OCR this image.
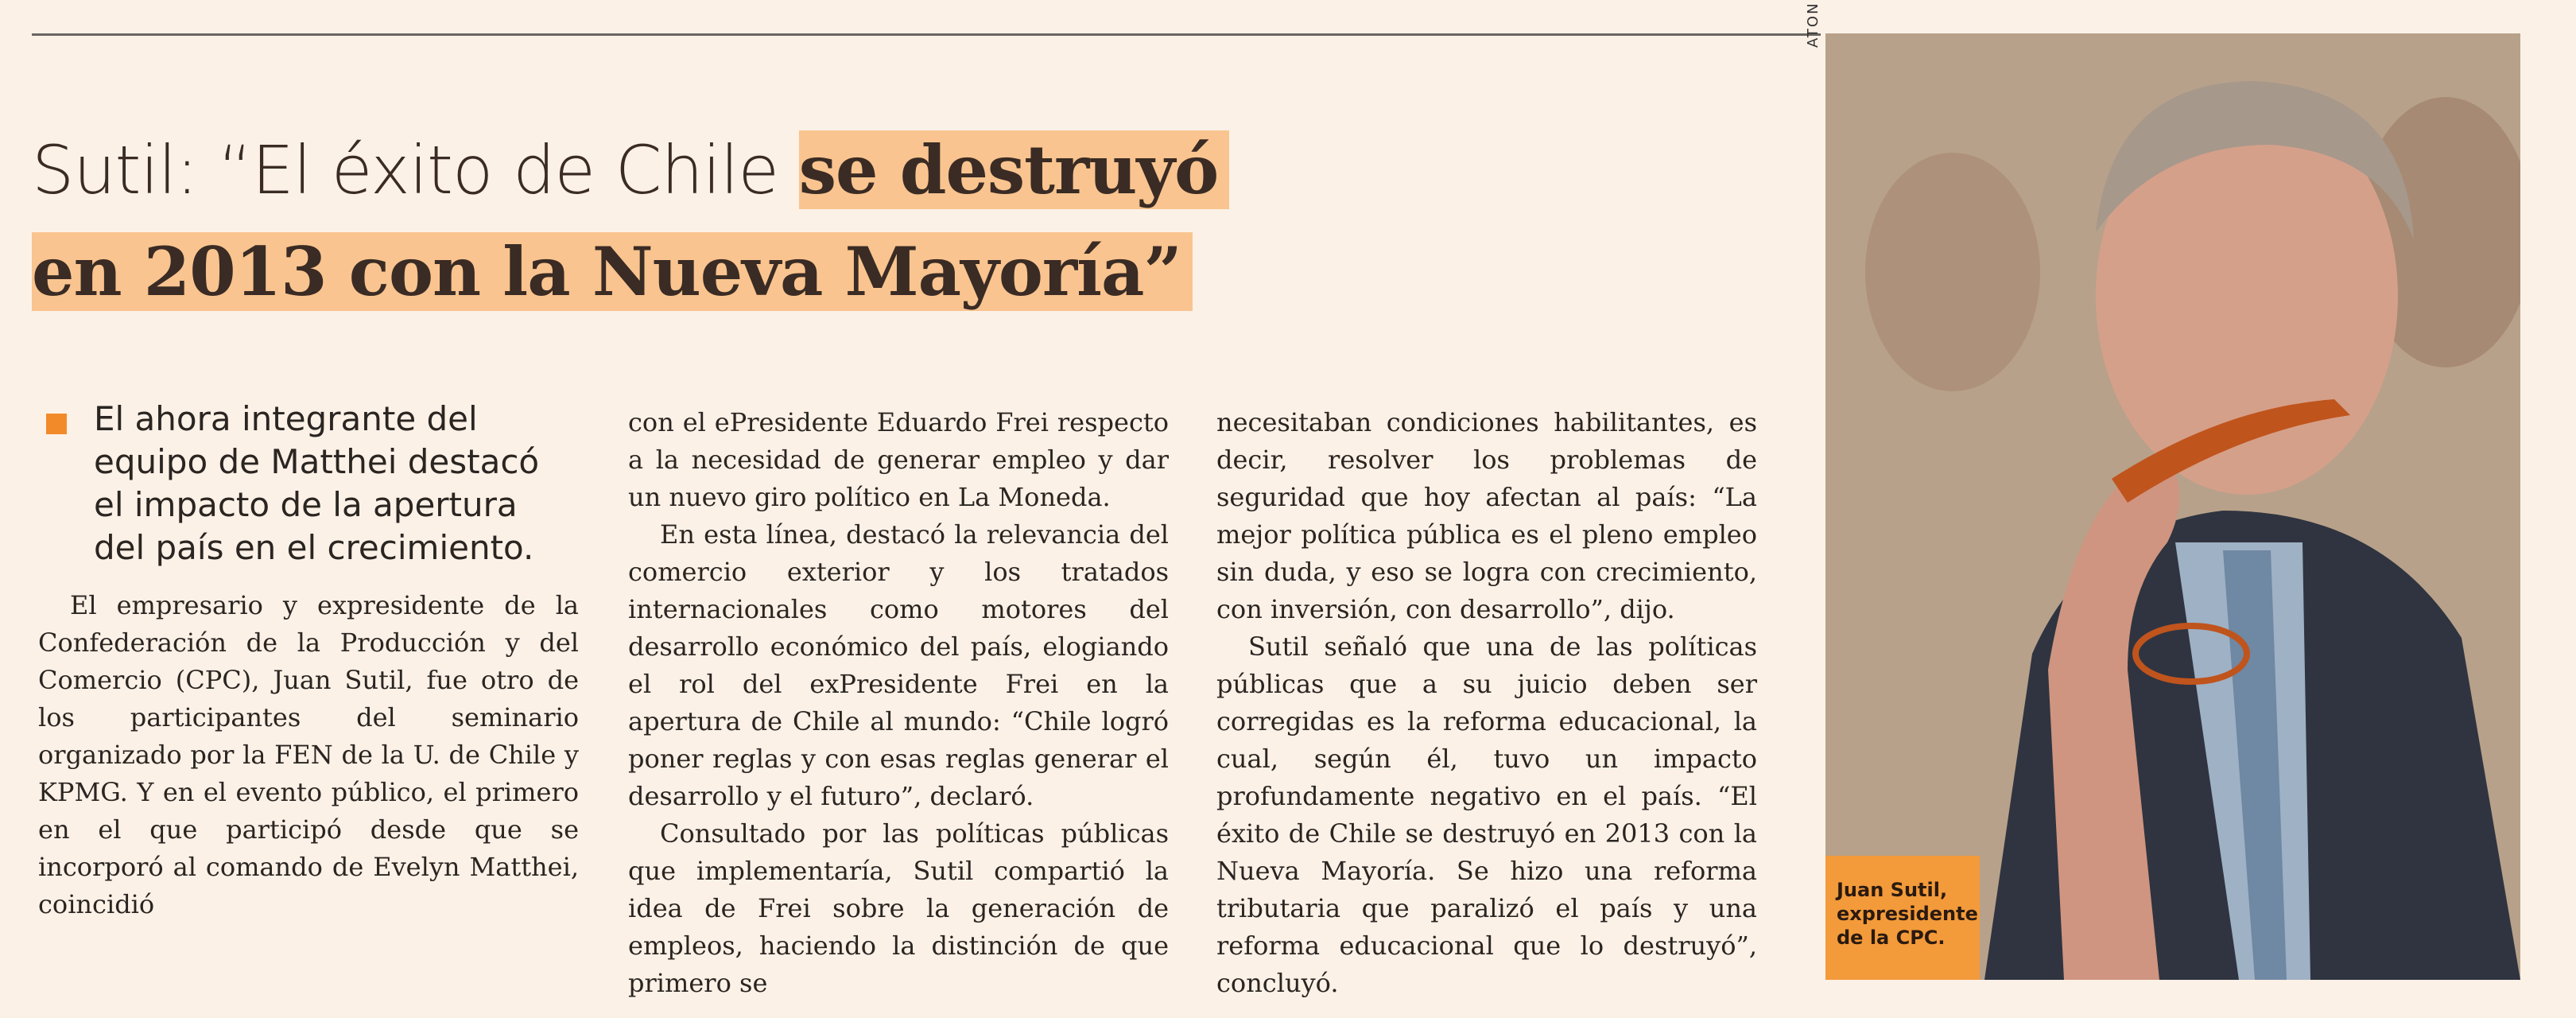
Sutil: “El éxito de Chile se destruyó
en 2013 con la Nueva Mayoría”
El ahora integrante del equipo de Matthei destacó el impacto de la apertura del país en el crecimiento.

El empresario y expresidente de la Confederación de la Producción y del Comercio (CPC), Juan Sutil, fue otro de los participantes del seminario organizado por la FEN de la U. de Chile y KPMG. Y en el evento público, el primero en el que participó desde que se incorporó al comando de Evelyn Matthei, coincidió

con el ePresidente Eduardo Frei respecto a la necesidad de generar empleo y dar un nuevo giro político en La Moneda.

En esta línea, destacó la relevancia del comercio exterior y los tratados internacionales como motores del desarrollo económico del país, elogiando el rol del exPresidente Frei en la apertura de Chile al mundo: “Chile logró poner reglas y con esas reglas generar el desarrollo y el futuro”, declaró.

Consultado por las políticas públicas que implementaría, Sutil compartió la idea de Frei sobre la generación de empleos, haciendo la distinción de que primero se

necesitaban condiciones habilitantes, es decir, resolver los problemas de seguridad que hoy afectan al país: “La mejor política pública es el pleno empleo sin duda, y eso se logra con crecimiento, con inversión, con desarrollo”, dijo.

Sutil señaló que una de las políticas públicas que a su juicio deben ser corregidas es la reforma educacional, la cual, según él, tuvo un impacto profundamente negativo en el país. “El éxito de Chile se destruyó en 2013 con la Nueva Mayoría. Se hizo una reforma tributaria que paralizó el país y una reforma educacional que lo destruyó”, concluyó.

ATON
Juan Sutil, expresidente de la CPC.
